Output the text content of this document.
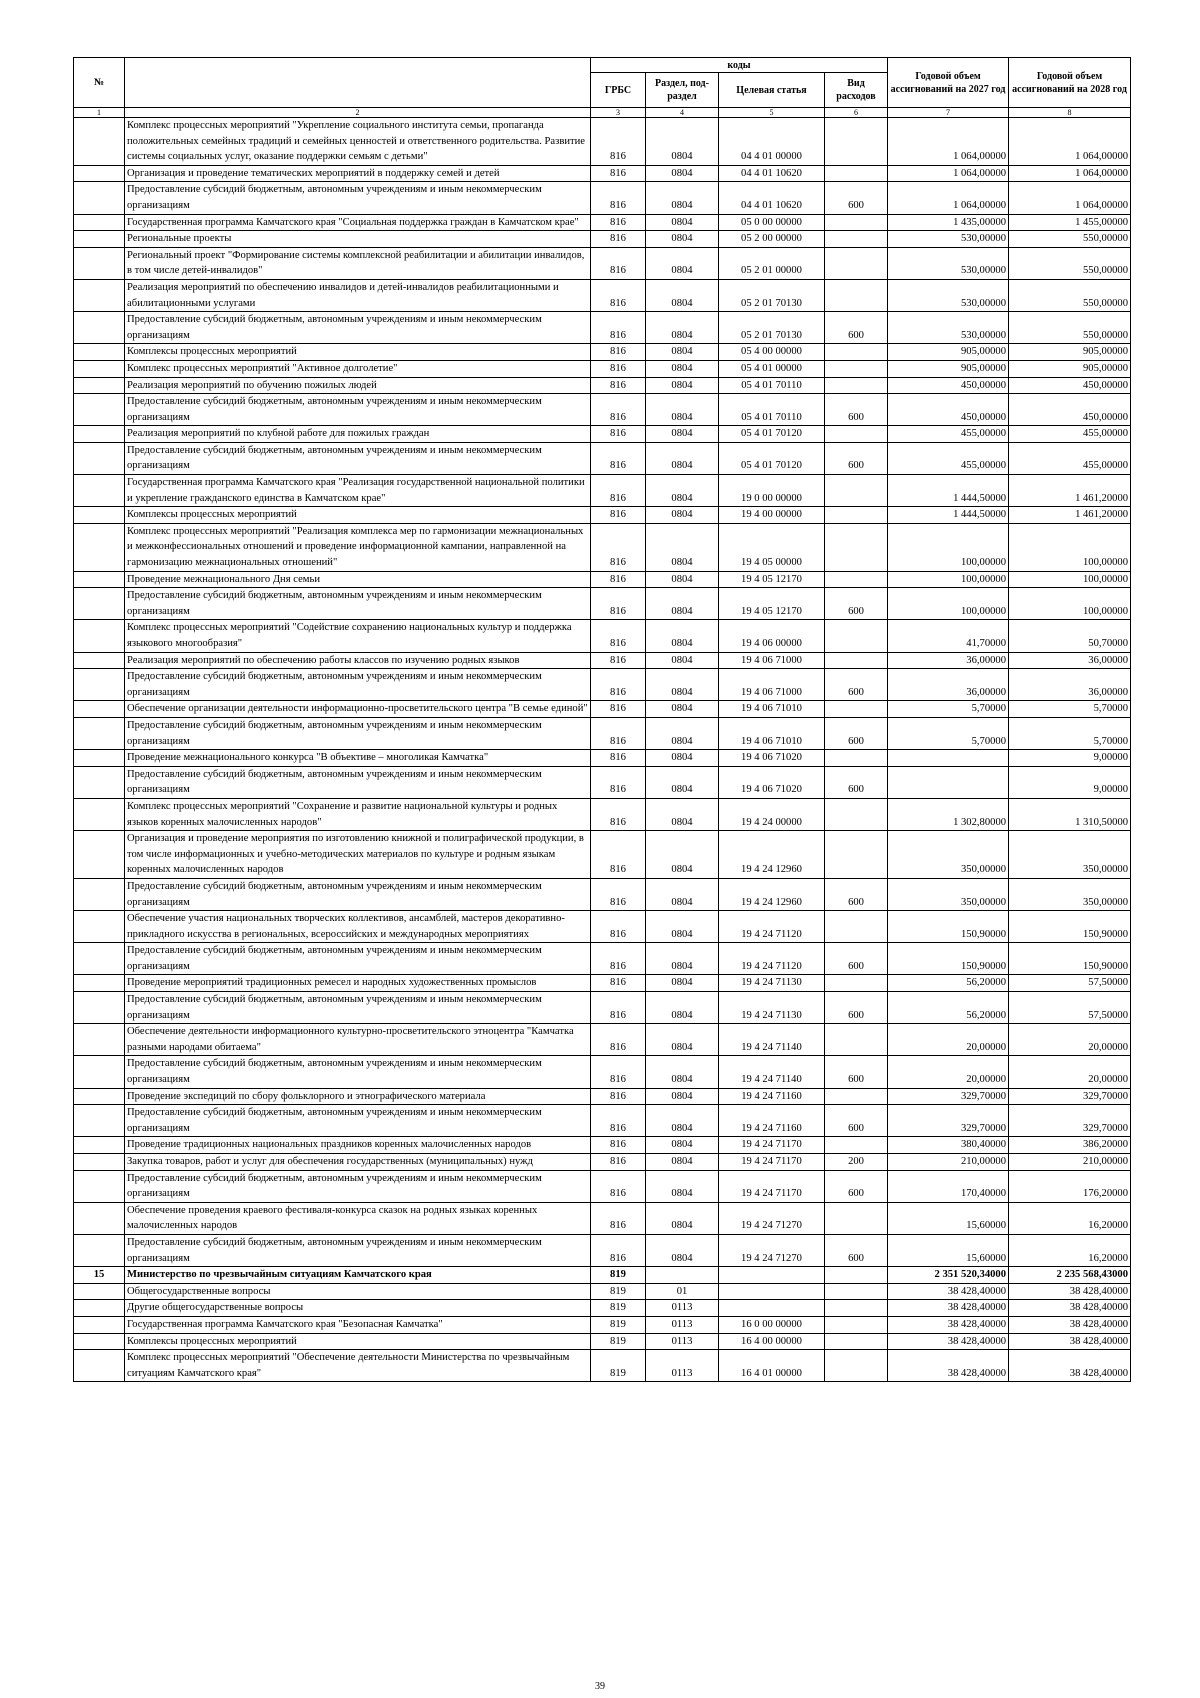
№		коды				Годовой объем ассигнований на 2027 год	Годовой объем ассигнований на 2028 год
		ГРБС	Раздел, под-раздел	Целевая статья	Вид расходов		
1	2	3	4	5	6	7	8
	Комплекс процессных мероприятий "Укрепление социального института семьи, пропаганда положительных семейных традиций и семейных ценностей и ответственного родительства. Развитие системы социальных услуг, оказание поддержки семьям с детьми"	816	0804	04 4 01 00000		1 064,00000	1 064,00000
	Организация и проведение тематических мероприятий в поддержку семей и детей	816	0804	04 4 01 10620		1 064,00000	1 064,00000
	Предоставление субсидий бюджетным, автономным учреждениям и иным некоммерческим организациям	816	0804	04 4 01 10620	600	1 064,00000	1 064,00000
	Государственная программа Камчатского края "Социальная поддержка граждан в Камчатском крае"	816	0804	05 0 00 00000		1 435,00000	1 455,00000
	Региональные проекты	816	0804	05 2 00 00000		530,00000	550,00000
	Региональный проект "Формирование системы комплексной реабилитации и абилитации инвалидов, в том числе детей-инвалидов"	816	0804	05 2 01 00000		530,00000	550,00000
	Реализация мероприятий по обеспечению инвалидов и детей-инвалидов реабилитационными и абилитационными услугами	816	0804	05 2 01 70130		530,00000	550,00000
	Предоставление субсидий бюджетным, автономным учреждениям и иным некоммерческим организациям	816	0804	05 2 01 70130	600	530,00000	550,00000
	Комплексы процессных мероприятий	816	0804	05 4 00 00000		905,00000	905,00000
	Комплекс процессных мероприятий "Активное долголетие"	816	0804	05 4 01 00000		905,00000	905,00000
	Реализация мероприятий по обучению пожилых людей	816	0804	05 4 01 70110		450,00000	450,00000
	Предоставление субсидий бюджетным, автономным учреждениям и иным некоммерческим организациям	816	0804	05 4 01 70110	600	450,00000	450,00000
	Реализация мероприятий по клубной работе для пожилых граждан	816	0804	05 4 01 70120		455,00000	455,00000
	Предоставление субсидий бюджетным, автономным учреждениям и иным некоммерческим организациям	816	0804	05 4 01 70120	600	455,00000	455,00000
	Государственная программа Камчатского края "Реализация государственной национальной политики и укрепление гражданского единства в Камчатском крае"	816	0804	19 0 00 00000		1 444,50000	1 461,20000
	Комплексы процессных мероприятий	816	0804	19 4 00 00000		1 444,50000	1 461,20000
	Комплекс процессных мероприятий "Реализация комплекса мер по гармонизации межнациональных и межконфессиональных отношений и проведение информационной кампании, направленной на гармонизацию межнациональных отношений"	816	0804	19 4 05 00000		100,00000	100,00000
	Проведение межнационального Дня семьи	816	0804	19 4 05 12170		100,00000	100,00000
	Предоставление субсидий бюджетным, автономным учреждениям и иным некоммерческим организациям	816	0804	19 4 05 12170	600	100,00000	100,00000
	Комплекс процессных мероприятий "Содействие сохранению национальных культур и поддержка языкового многообразия"	816	0804	19 4 06 00000		41,70000	50,70000
	Реализация мероприятий по обеспечению работы классов по изучению родных языков	816	0804	19 4 06 71000		36,00000	36,00000
	Предоставление субсидий бюджетным, автономным учреждениям и иным некоммерческим организациям	816	0804	19 4 06 71000	600	36,00000	36,00000
	Обеспечение организации деятельности информационно-просветительского центра "В семье единой"	816	0804	19 4 06 71010		5,70000	5,70000
	Предоставление субсидий бюджетным, автономным учреждениям и иным некоммерческим организациям	816	0804	19 4 06 71010	600	5,70000	5,70000
	Проведение межнационального конкурса "В объективе – многоликая Камчатка"	816	0804	19 4 06 71020			9,00000
	Предоставление субсидий бюджетным, автономным учреждениям и иным некоммерческим организациям	816	0804	19 4 06 71020	600		9,00000
	Комплекс процессных мероприятий "Сохранение и развитие национальной культуры и родных языков коренных малочисленных народов"	816	0804	19 4 24 00000		1 302,80000	1 310,50000
	Организация и проведение мероприятия по изготовлению книжной и полиграфической продукции, в том числе информационных и учебно-методических материалов по культуре и родным языкам коренных малочисленных народов	816	0804	19 4 24 12960		350,00000	350,00000
	Предоставление субсидий бюджетным, автономным учреждениям и иным некоммерческим организациям	816	0804	19 4 24 12960	600	350,00000	350,00000
	Обеспечение участия национальных творческих коллективов, ансамблей, мастеров декоративно-прикладного искусства в региональных, всероссийских и международных мероприятиях	816	0804	19 4 24 71120		150,90000	150,90000
	Предоставление субсидий бюджетным, автономным учреждениям и иным некоммерческим организациям	816	0804	19 4 24 71120	600	150,90000	150,90000
	Проведение мероприятий традиционных ремесел и народных художественных промыслов	816	0804	19 4 24 71130		56,20000	57,50000
	Предоставление субсидий бюджетным, автономным учреждениям и иным некоммерческим организациям	816	0804	19 4 24 71130	600	56,20000	57,50000
	Обеспечение деятельности информационного культурно-просветительского этноцентра "Камчатка разными народами обитаема"	816	0804	19 4 24 71140		20,00000	20,00000
	Предоставление субсидий бюджетным, автономным учреждениям и иным некоммерческим организациям	816	0804	19 4 24 71140	600	20,00000	20,00000
	Проведение экспедиций по сбору фольклорного и этнографического материала	816	0804	19 4 24 71160		329,70000	329,70000
	Предоставление субсидий бюджетным, автономным учреждениям и иным некоммерческим организациям	816	0804	19 4 24 71160	600	329,70000	329,70000
	Проведение традиционных национальных праздников коренных малочисленных народов	816	0804	19 4 24 71170		380,40000	386,20000
	Закупка товаров, работ и услуг для обеспечения государственных (муниципальных) нужд	816	0804	19 4 24 71170	200	210,00000	210,00000
	Предоставление субсидий бюджетным, автономным учреждениям и иным некоммерческим организациям	816	0804	19 4 24 71170	600	170,40000	176,20000
	Обеспечение проведения краевого фестиваля-конкурса сказок на родных языках коренных малочисленных народов	816	0804	19 4 24 71270		15,60000	16,20000
	Предоставление субсидий бюджетным, автономным учреждениям и иным некоммерческим организациям	816	0804	19 4 24 71270	600	15,60000	16,20000
15	Министерство по чрезвычайным ситуациям Камчатского края	819				2 351 520,34000	2 235 568,43000
	Общегосударственные вопросы	819	01			38 428,40000	38 428,40000
	Другие общегосударственные вопросы	819	0113			38 428,40000	38 428,40000
	Государственная программа Камчатского края "Безопасная Камчатка"	819	0113	16 0 00 00000		38 428,40000	38 428,40000
	Комплексы процессных мероприятий	819	0113	16 4 00 00000		38 428,40000	38 428,40000
	Комплекс процессных мероприятий "Обеспечение деятельности Министерства по чрезвычайным ситуациям Камчатского края"	819	0113	16 4 01 00000		38 428,40000	38 428,40000
39
